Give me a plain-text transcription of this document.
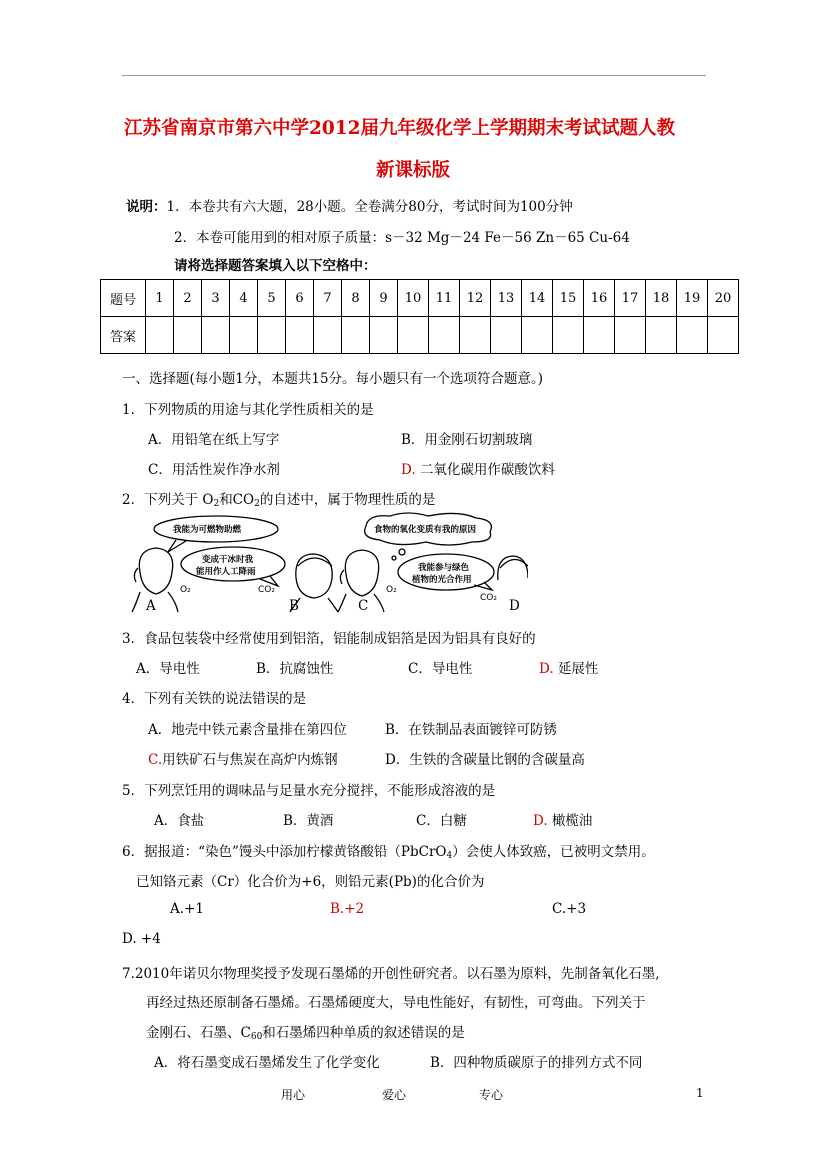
江苏省南京市第六中学2012届九年级化学上学期期末考试试题人教
新课标版
说明：1．本卷共有六大题，28小题。全卷满分80分，考试时间为100分钟
2．本卷可能用到的相对原子质量：s－32 Mg－24 Fe－56 Zn－65 Cu-64
请将选择题答案填入以下空格中：
题号	1	2	3	4	5	6	7	8	9	10	11	12	13	14	15	16	17	18	19	20
答案																				
一、选择题(每小题1分，本题共15分。每小题只有一个选项符合题意。)
1．下列物质的用途与其化学性质相关的是
A．用铅笔在纸上写字	B．用金刚石切割玻璃
C．用活性炭作净水剂	D. 二氧化碳用作碳酸饮料
2．下列关于 $O_2$和$CO_2$的自述中，属于物理性质的是
我能为可燃物助燃
变成干冰时我
能用作人工降雨
食物的氧化变质有我的原因
我能参与绿色
植物的光合作用
O₂	CO₂	O₂
CO₂
A	B	C	D
3．食品包装袋中经常使用到铝箔，铝能制成铝箔是因为铝具有良好的
A．导电性	B．抗腐蚀性	C．导电性	D. 延展性
4．下列有关铁的说法错误的是
A．地壳中铁元素含量排在第四位	B．在铁制品表面镀锌可防锈
C.用铁矿石与焦炭在高炉内炼钢	D．生铁的含碳量比钢的含碳量高
5．下列烹饪用的调味品与足量水充分搅拌，不能形成溶液的是
A．食盐	B．黄酒	C．白糖	D. 橄榄油
6．据报道：“染色”馒头中添加柠檬黄铬酸铅（PbCrO$_4$）会使人体致癌，已被明文禁用。
已知铬元素（Cr）化合价为+6，则铅元素(Pb)的化合价为
A.+1	B.+2	C.+3
D. +4
7.2010年诺贝尔物理奖授予发现石墨烯的开创性研究者。以石墨为原料，先制备氧化石墨,
再经过热还原制备石墨烯。石墨烯硬度大，导电性能好，有韧性，可弯曲。下列关于
金刚石、石墨、$C_{60}$和石墨烯四种单质的叙述错误的是
A．将石墨变成石墨烯发生了化学变化	B．四种物质碳原子的排列方式不同
用心	爱心	专心	1
